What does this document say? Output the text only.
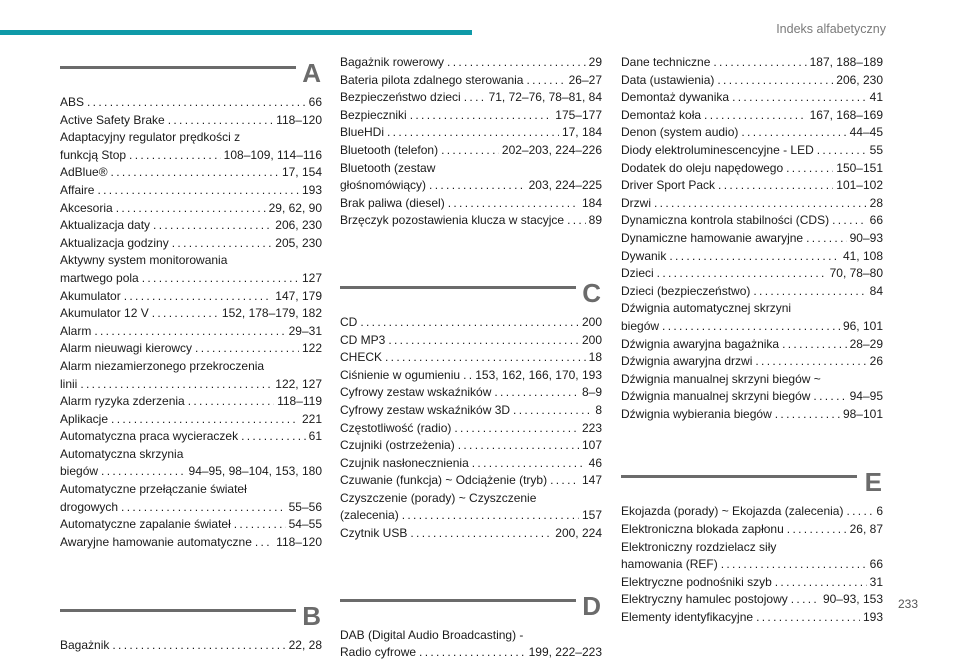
Indeks alfabetyczny
A
ABS . . .	66
Active Safety Brake . . .	118–120
Adaptacyjny regulator prędkości z
funkcją Stop . . .	108–109, 114–116
AdBlue® . . .	17, 154
Affaire . . .	193
Akcesoria . . .	29, 62, 90
Aktualizacja daty . . .	206, 230
Aktualizacja godziny . . .	205, 230
Aktywny system monitorowania
martwego pola . . .	127
Akumulator . . .	147, 179
Akumulator 12 V . . .	152, 178–179, 182
Alarm . . .	29–31
Alarm nieuwagi kierowcy . . .	122
Alarm niezamierzonego przekroczenia
linii . . .	122, 127
Alarm ryzyka zderzenia . . .	118–119
Aplikacje . . .	221
Automatyczna praca wycieraczek . . .	61
Automatyczna skrzynia
biegów . . .	94–95, 98–104, 153, 180
Automatyczne przełączanie świateł
drogowych . . .	55–56
Automatyczne zapalanie świateł . . .	54–55
Awaryjne hamowanie automatyczne . . . 118–120
B
Bagażnik . . .	22, 28
Bagażnik rowerowy . . .	29
Bateria pilota zdalnego sterowania . . .	26–27
Bezpieczeństwo dzieci . . . 71, 72–76, 78–81, 84
Bezpieczniki . . .	175–177
BlueHDi . . .	17, 184
Bluetooth (telefon) . . .	202–203, 224–226
Bluetooth (zestaw
głośnomówiący) . . .	203, 224–225
Brak paliwa (diesel) . . .	184
Brzęczyk pozostawienia klucza w stacyjce . . . 89
C
CD . . .	200
CD MP3 . . .	200
CHECK . . .	18
Ciśnienie w ogumieniu . . . 153, 162, 166, 170, 193
Cyfrowy zestaw wskaźników . . .	8–9
Cyfrowy zestaw wskaźników 3D . . .	8
Częstotliwość (radio) . . .	223
Czujniki (ostrzeżenia) . . .	107
Czujnik nasłonecznienia . . .	46
Czuwanie (funkcja) ~ Odciążenie (tryb) . . .	147
Czyszczenie (porady) ~ Czyszczenie
(zalecenia) . . .	157
Czytnik USB . . .	200, 224
D
DAB (Digital Audio Broadcasting) -
Radio cyfrowe . . .	199, 222–223
Dane techniczne . . .	187, 188–189
Data (ustawienia) . . .	206, 230
Demontaż dywanika . . .	41
Demontaż koła . . .	167, 168–169
Denon (system audio) . . .	44–45
Diody elektroluminescencyjne - LED . . .	55
Dodatek do oleju napędowego . . .	150–151
Driver Sport Pack . . .	101–102
Drzwi . . .	28
Dynamiczna kontrola stabilności (CDS) . . .	66
Dynamiczne hamowanie awaryjne . . .	90–93
Dywanik . . .	41, 108
Dzieci . . .	70, 78–80
Dzieci (bezpieczeństwo) . . .	84
Dźwignia automatycznej skrzyni
biegów . . .	96, 101
Dźwignia awaryjna bagażnika . . .	28–29
Dźwignia awaryjna drzwi . . .	26
Dźwignia manualnej skrzyni biegów ~
Dźwignia manualnej skrzyni biegów . . .	94–95
Dźwignia wybierania biegów . . .	98–101
E
Ekojazda (porady) ~ Ekojazda (zalecenia) . . .	6
Elektroniczna blokada zapłonu . . .	26, 87
Elektroniczny rozdzielacz siły
hamowania (REF) . . .	66
Elektryczne podnośniki szyb . . .	31
Elektryczny hamulec postojowy . . .	90–93, 153
Elementy identyfikacyjne . . .	193
233
